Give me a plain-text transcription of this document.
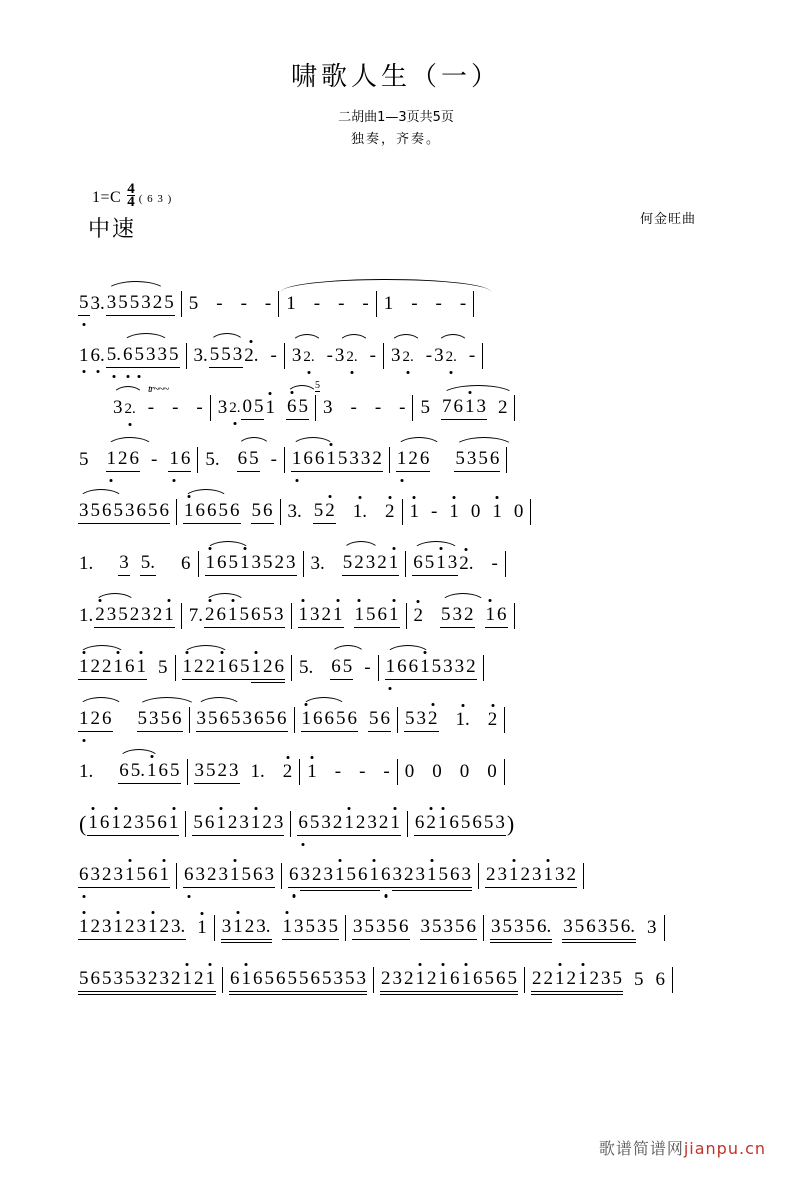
啸歌人生（一）
二胡曲1—3页共5页
独奏，齐奏。
何金旺曲
$1=C \frac{4}{4}$ ( 6 3 )
中速
5 3. 3 5 5 3 2 5 5 - - - 1 - - - 1 - - -
1 6. 5. 6 5 3 3 5 3. 5 5 3 2. - 3 2. - 3 2. - 3 2. - 3 2. -
tr~~~
3 2. - - - 3 2. 0 5 1 6 5
5
3 - - - 5 7 6 1 3 2
5 1 2 6 - 1 6 5. 6 5 - 1 6 6 1 5 3 3 2 1 2 6 5 3 5 6
3 5 6 5 3 6 5 6 1 6 6 5 6 5 6 3. 5 2 1. 2 1 - 1 0 1 0
1. 3 5. 6 1 6 5 1 3 5 2 3 3. 5 2 3 2 1 6 5 1 3 2. -
1. 2 3 5 2 3 2 1 7. 2 6 1 5 6 5 3 1 3 2 1 1 5 6 1 2 5 3 2 1 6
1 2 2 1 6 1 5 1 2 2 1 6 5 1 2 6 5. 6 5 - 1 6 6 1 5 3 3 2
1 2 6 5 3 5 6 3 5 6 5 3 6 5 6 1 6 6 5 6 5 6 5 3 2 1. 2
1. 6 5. 1 6 5 3 5 2 3 1. 2 1 - - - 0 0 0 0
( 1 6 1 2 3 5 6 1 5 6 1 2 3 1 2 3 6 5 3 2 1 2 3 2 1 6 2 1 6 5 6 5 3 )
6 3 2 3 1 5 6 1 6 3 2 3 1 5 6 3 6 3 2 3 1 5 6 1 6 3 2 3 1 5 6 3 2 3 1 2 3 1 3 2
1 2 3 1 2 3 1 2 3. 1 3 1 2 3. 1 3 5 3 5 3 5 3 5 6 3 5 3 5 6 3 5 3 5 6. 3 5 6 3 5 6. 3
5 6 5 3 5 3 2 3 2 1 2 1 6 1 6 5 6 5 5 6 5 3 5 3 2 3 2 1 2 1 6 1 6 5 6 5 2 2 1 2 1 2 3 5 5 6
歌谱简谱网jianpu.cn
